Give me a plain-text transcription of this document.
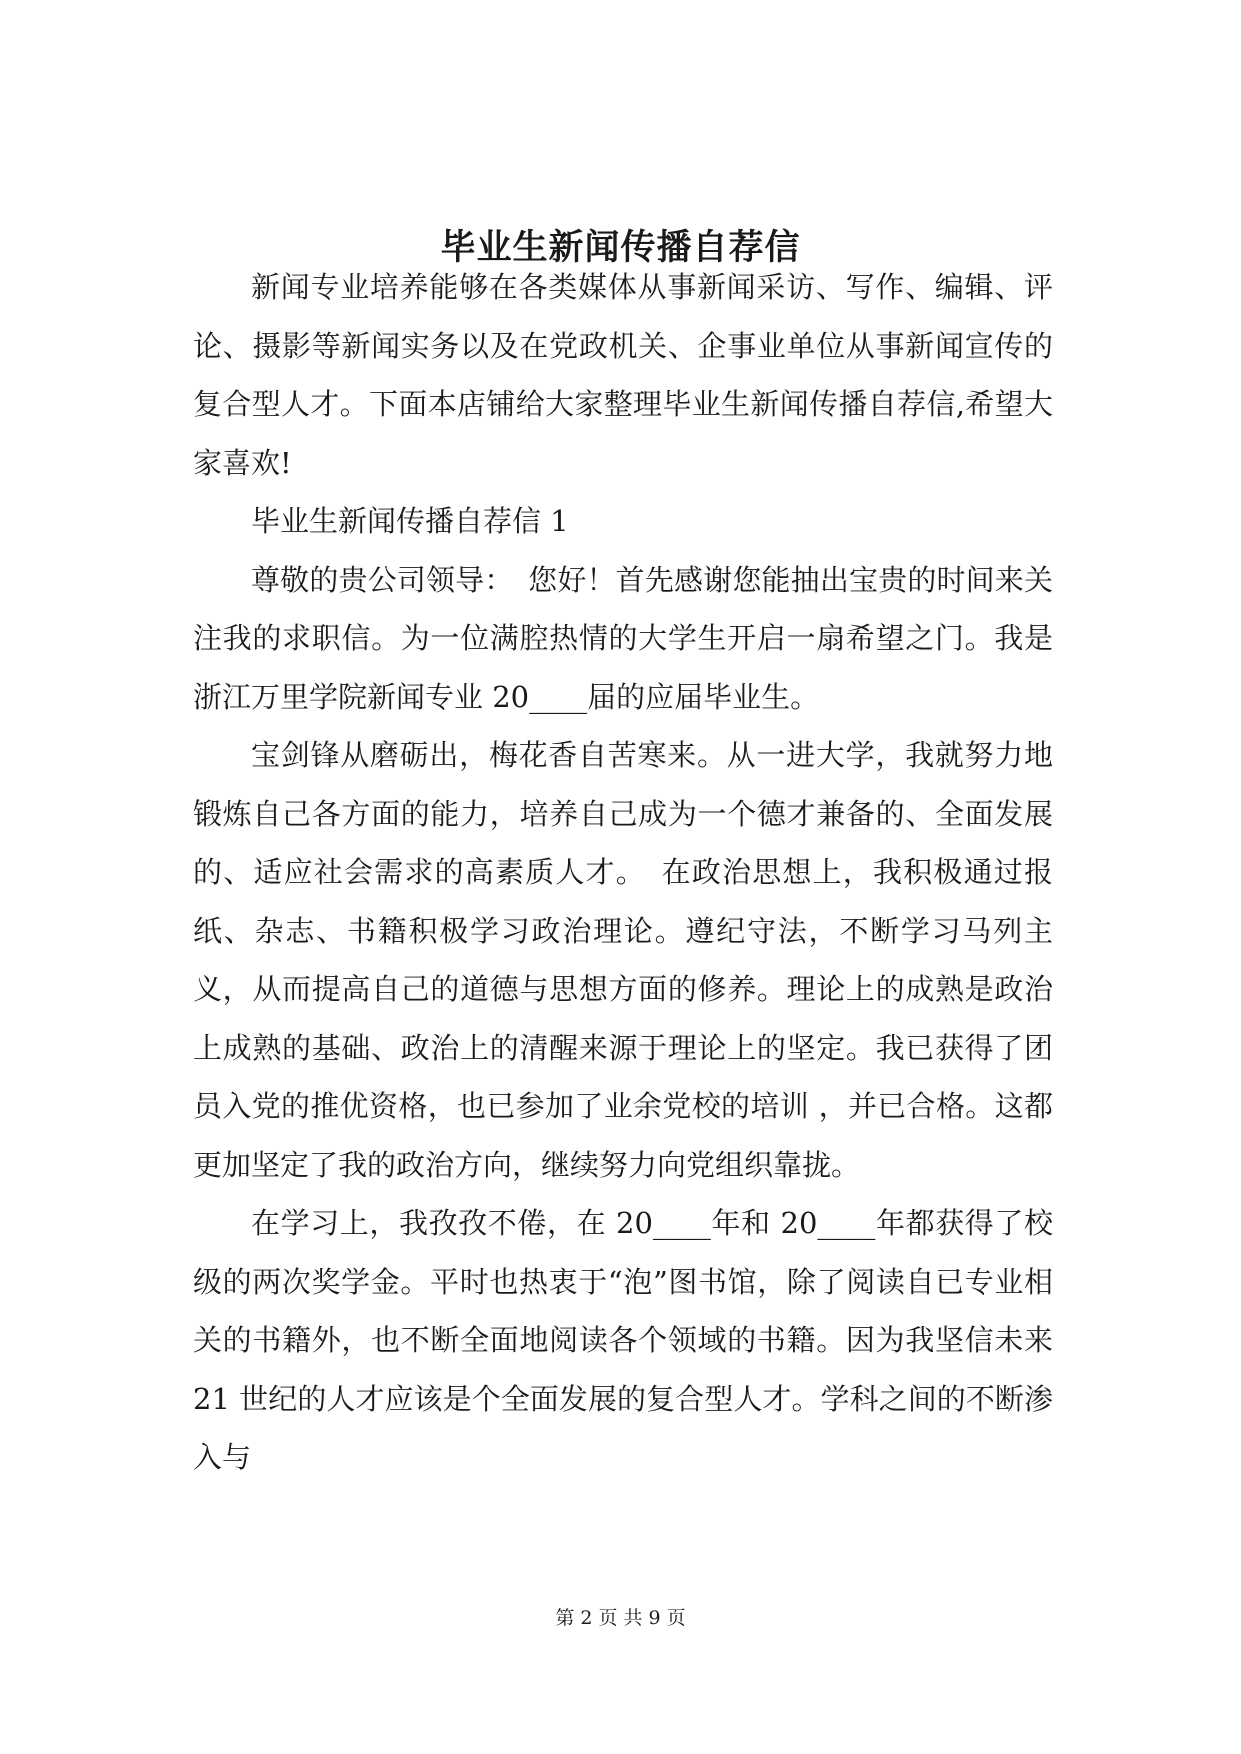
毕业生新闻传播自荐信

新闻专业培养能够在各类媒体从事新闻采访、写作、编辑、评论、摄影等新闻实务以及在党政机关、企事业单位从事新闻宣传的复合型人才。下面本店铺给大家整理毕业生新闻传播自荐信,希望大家喜欢!

毕业生新闻传播自荐信 1

尊敬的贵公司领导：　您好！首先感谢您能抽出宝贵的时间来关注我的求职信。为一位满腔热情的大学生开启一扇希望之门。我是浙江万里学院新闻专业 20____届的应届毕业生。

宝剑锋从磨砺出，梅花香自苦寒来。从一进大学，我就努力地锻炼自己各方面的能力，培养自己成为一个德才兼备的、全面发展的、适应社会需求的高素质人才。　在政治思想上，我积极通过报纸、杂志、书籍积极学习政治理论。遵纪守法，不断学习马列主义，从而提高自己的道德与思想方面的修养。理论上的成熟是政治上成熟的基础、政治上的清醒来源于理论上的坚定。我已获得了团员入党的推优资格，也已参加了业余党校的培训 ，并已合格。这都更加坚定了我的政治方向，继续努力向党组织靠拢。

在学习上，我孜孜不倦，在 20____年和 20____年都获得了校级的两次奖学金。平时也热衷于“泡”图书馆，除了阅读自已专业相关的书籍外，也不断全面地阅读各个领域的书籍。因为我坚信未来 21 世纪的人才应该是个全面发展的复合型人才。学科之间的不断渗入与

第 2 页 共 9 页
